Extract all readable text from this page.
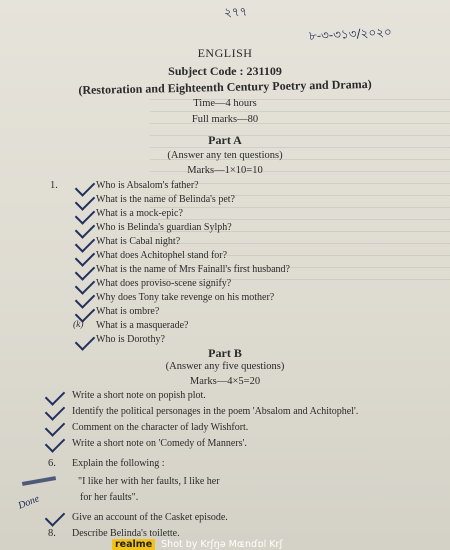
২৭৭
৮-৩-৩১৩/২০২০
ENGLISH
Subject Code : 231109
(Restoration and Eighteenth Century Poetry and Drama)
Time—4 hours
Full marks—80
Part A
(Answer any ten questions)
Marks—1×10=10
1.	Who is Absalom's father?
What is the name of Belinda's pet?
What is a mock-epic?
Who is Belinda's guardian Sylph?
What is Cabal night?
What does Achitophel stand for?
What is the name of Mrs Fainall's first husband?
What does proviso-scene signify?
Why does Tony take revenge on his mother?
What is ombre?
(k) What is a masquerade?
Who is Dorothy?
Part B
(Answer any five questions)
Marks—4×5=20
Write a short note on popish plot.
Identify the political personages in the poem 'Absalom and Achitophel'.
Comment on the character of lady Wishfort.
Write a short note on 'Comedy of Manners'.
6. Explain the following :
"I like her with her faults, I like her
for her faults".
Done
Give an account of the Casket episode.
8. Describe Belinda's toilette.
realme Shot by Krʃŋə Mɶnɗɒl Krʃ
